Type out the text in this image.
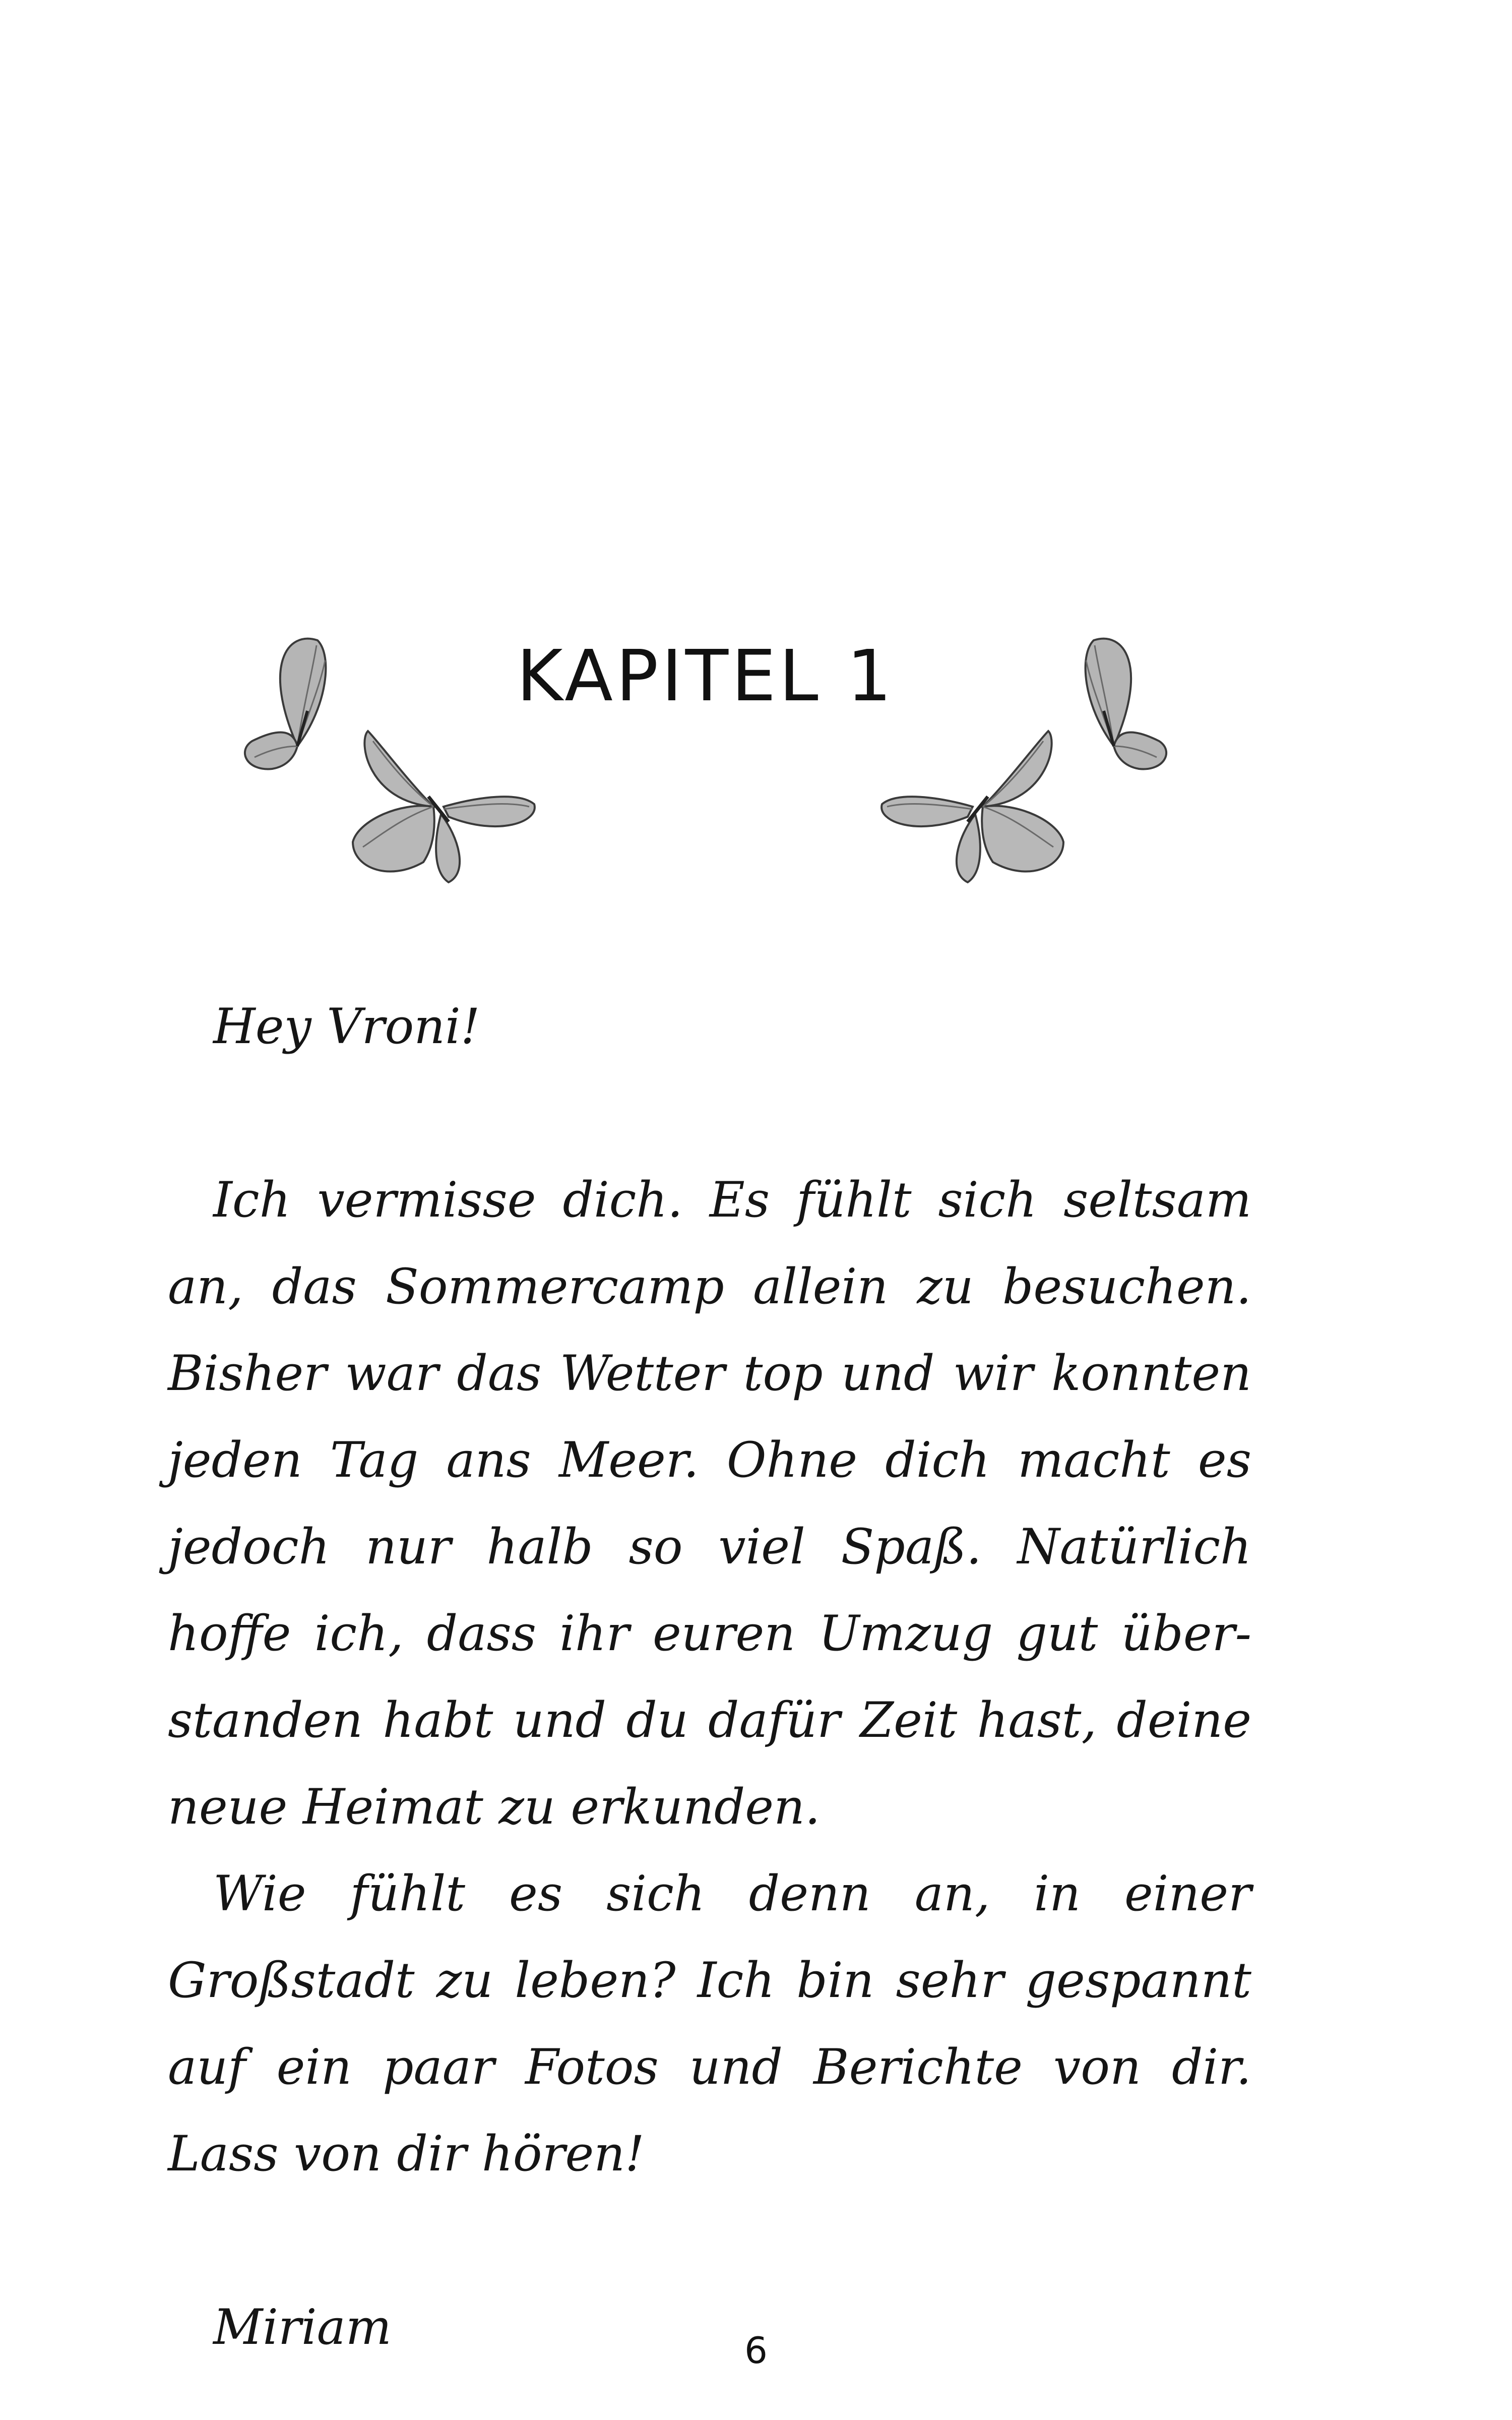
KAPITEL 1

Hey Vroni!

Ich vermisse dich. Es fühlt sich seltsam an, das Sommercamp allein zu besuchen. Bisher war das Wetter top und wir konnten jeden Tag ans Meer. Ohne dich macht es jedoch nur halb so viel Spaß. Natürlich hoffe ich, dass ihr euren Umzug gut über-standen habt und du dafür Zeit hast, deine neue Heimat zu erkunden.

Wie fühlt es sich denn an, in einer Großstadt zu leben? Ich bin sehr gespannt auf ein paar Fotos und Berichte von dir. Lass von dir hören!

Miriam	6
